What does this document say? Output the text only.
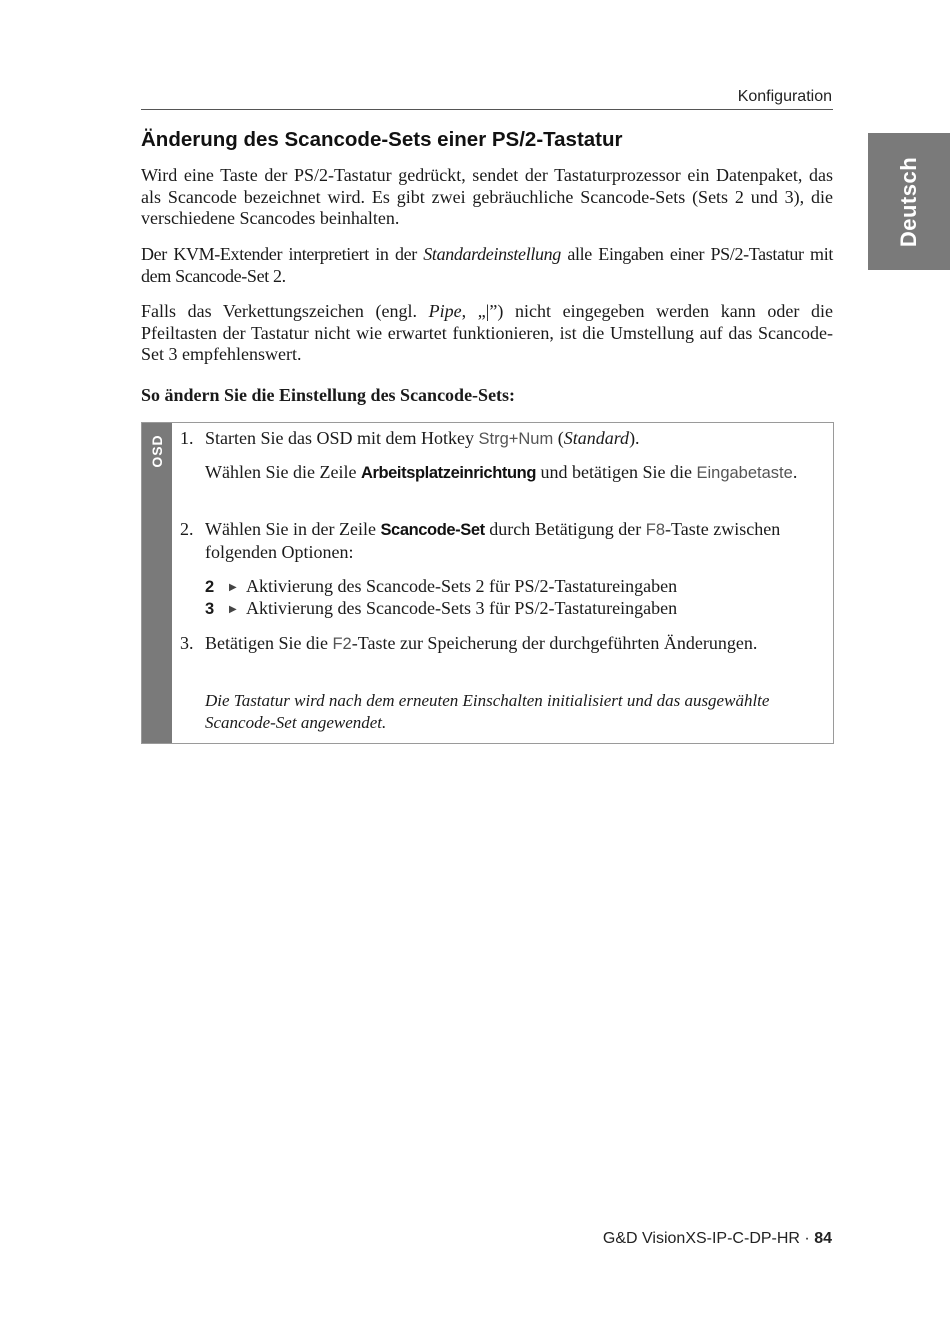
Konfiguration
Deutsch
Änderung des Scancode-Sets einer PS/2-Tastatur
Wird eine Taste der PS/2-Tastatur gedrückt, sendet der Tastaturprozessor ein Datenpaket, das als Scancode bezeichnet wird. Es gibt zwei gebräuchliche Scancode-Sets (Sets 2 und 3), die verschiedene Scancodes beinhalten.
Der KVM-Extender interpretiert in der Standardeinstellung alle Eingaben einer PS/2-Tastatur mit dem Scancode-Set 2.
Falls das Verkettungszeichen (engl. Pipe, „|”) nicht eingegeben werden kann oder die Pfeiltasten der Tastatur nicht wie erwartet funktionieren, ist die Umstellung auf das Scancode-Set 3 empfehlenswert.
So ändern Sie die Einstellung des Scancode-Sets:
OSD 1. Starten Sie das OSD mit dem Hotkey Strg+Num (Standard).
Wählen Sie die Zeile Arbeitsplatzeinrichtung und betätigen Sie die Eingabetaste.
2. Wählen Sie in der Zeile Scancode-Set durch Betätigung der F8-Taste zwischen folgenden Optionen:
2 ▶ Aktivierung des Scancode-Sets 2 für PS/2-Tastatureingaben
3 ▶ Aktivierung des Scancode-Sets 3 für PS/2-Tastatureingaben
3. Betätigen Sie die F2-Taste zur Speicherung der durchgeführten Änderungen.
Die Tastatur wird nach dem erneuten Einschalten initialisiert und das ausgewählte Scancode-Set angewendet.
G&D VisionXS-IP-C-DP-HR · 84
